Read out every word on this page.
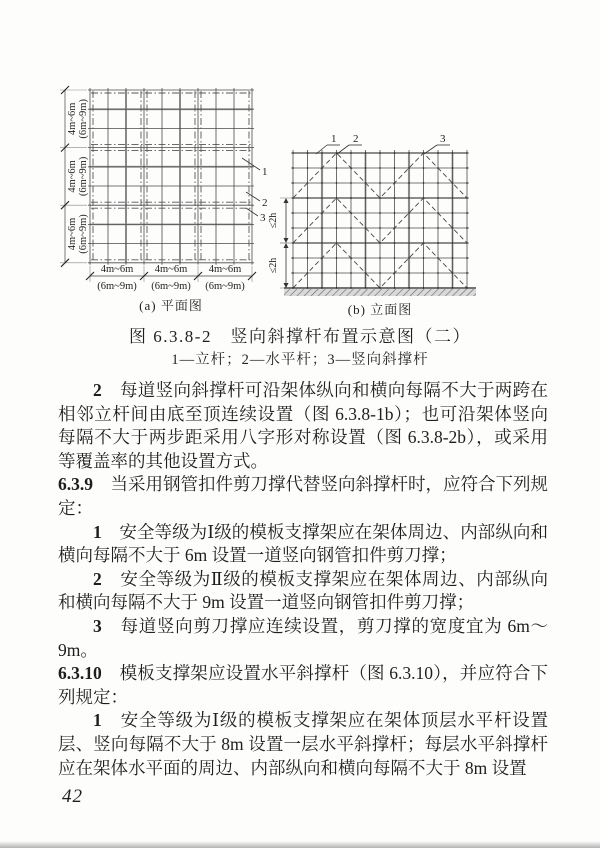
4m~6m (6m~9m)
4m~6m (6m~9m)
4m~6m (6m~9m)
4m~6m
(6m~9m)
4m~6m
(6m~9m)
4m~6m
(6m~9m)
1
2
3
(a) 平面图
1 2	3
≤2h
≤2h
(b) 立面图
图 6.3.8-2　竖向斜撑杆布置示意图（二）
1—立杆；2—水平杆；3—竖向斜撑杆

2　每道竖向斜撑杆可沿架体纵向和横向每隔不大于两跨在相邻立杆间由底至顶连续设置（图 6.3.8-1b）；也可沿架体竖向每隔不大于两步距采用八字形对称设置（图 6.3.8-2b），或采用等覆盖率的其他设置方式。

6.3.9　当采用钢管扣件剪刀撑代替竖向斜撑杆时，应符合下列规定：

1　安全等级为Ⅰ级的模板支撑架应在架体周边、内部纵向和横向每隔不大于 6m 设置一道竖向钢管扣件剪刀撑；

2　安全等级为Ⅱ级的模板支撑架应在架体周边、内部纵向和横向每隔不大于 9m 设置一道竖向钢管扣件剪刀撑；

3　每道竖向剪刀撑应连续设置，剪刀撑的宽度宜为 6m～9m。

6.3.10　模板支撑架应设置水平斜撑杆（图 6.3.10），并应符合下列规定：

1　安全等级为Ⅰ级的模板支撑架应在架体顶层水平杆设置层、竖向每隔不大于 8m 设置一层水平斜撑杆；每层水平斜撑杆应在架体水平面的周边、内部纵向和横向每隔不大于 8m 设置

42
